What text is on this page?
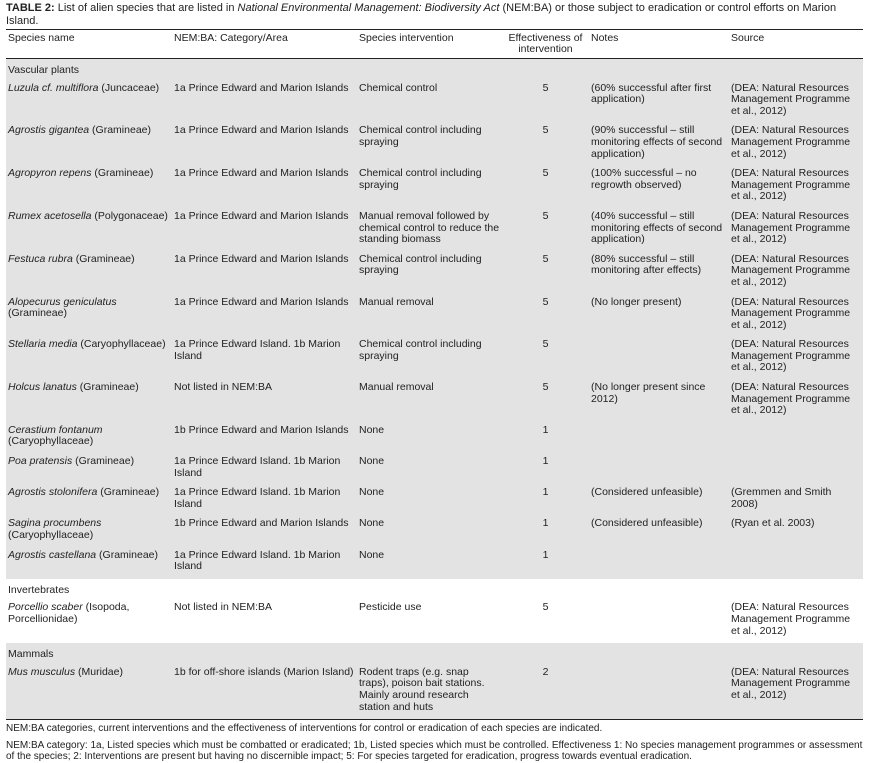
TABLE 2: List of alien species that are listed in National Environmental Management: Biodiversity Act (NEM:BA) or those subject to eradication or control efforts on Marion Island.
Species name	NEM:BA: Category/Area	Species intervention	Effectiveness of intervention	Notes	Source
Vascular plants					
Luzula cf. multiflora (Juncaceae)	1a Prince Edward and Marion Islands	Chemical control	5	(60% successful after first application)	(DEA: Natural Resources Management Programme et al., 2012)
Agrostis gigantea (Gramineae)	1a Prince Edward and Marion Islands	Chemical control including spraying	5	(90% successful – still monitoring effects of second application)	(DEA: Natural Resources Management Programme et al., 2012)
Agropyron repens (Gramineae)	1a Prince Edward and Marion Islands	Chemical control including spraying	5	(100% successful – no regrowth observed)	(DEA: Natural Resources Management Programme et al., 2012)
Rumex acetosella (Polygonaceae)	1a Prince Edward and Marion Islands	Manual removal followed by chemical control to reduce the standing biomass	5	(40% successful – still monitoring effects of second application)	(DEA: Natural Resources Management Programme et al., 2012)
Festuca rubra (Gramineae)	1a Prince Edward and Marion Islands	Chemical control including spraying	5	(80% successful – still monitoring after effects)	(DEA: Natural Resources Management Programme et al., 2012)
Alopecurus geniculatus (Gramineae)	1a Prince Edward and Marion Islands	Manual removal	5	(No longer present)	(DEA: Natural Resources Management Programme et al., 2012)
Stellaria media (Caryophyllaceae)	1a Prince Edward Island. 1b Marion Island	Chemical control including spraying	5		(DEA: Natural Resources Management Programme et al., 2012)
Holcus lanatus (Gramineae)	Not listed in NEM:BA	Manual removal	5	(No longer present since 2012)	(DEA: Natural Resources Management Programme et al., 2012)
Cerastium fontanum (Caryophyllaceae)	1b Prince Edward and Marion Islands	None	1		
Poa pratensis (Gramineae)	1a Prince Edward Island. 1b Marion Island	None	1		
Agrostis stolonifera (Gramineae)	1a Prince Edward Island. 1b Marion Island	None	1	(Considered unfeasible)	(Gremmen and Smith 2008)
Sagina procumbens (Caryophyllaceae)	1b Prince Edward and Marion Islands	None	1	(Considered unfeasible)	(Ryan et al. 2003)
Agrostis castellana (Gramineae)	1a Prince Edward Island. 1b Marion Island	None	1		
Invertebrates					
Porcellio scaber (Isopoda, Porcellionidae)	Not listed in NEM:BA	Pesticide use	5		(DEA: Natural Resources Management Programme et al., 2012)
Mammals					
Mus musculus (Muridae)	1b for off-shore islands (Marion Island)	Rodent traps (e.g. snap traps), poison bait stations. Mainly around research station and huts	2		(DEA: Natural Resources Management Programme et al., 2012)

NEM:BA categories, current interventions and the effectiveness of interventions for control or eradication of each species are indicated.

NEM:BA category: 1a, Listed species which must be combatted or eradicated; 1b, Listed species which must be controlled. Effectiveness 1: No species management programmes or assessment of the species; 2: Interventions are present but having no discernible impact; 5: For species targeted for eradication, progress towards eventual eradication.
